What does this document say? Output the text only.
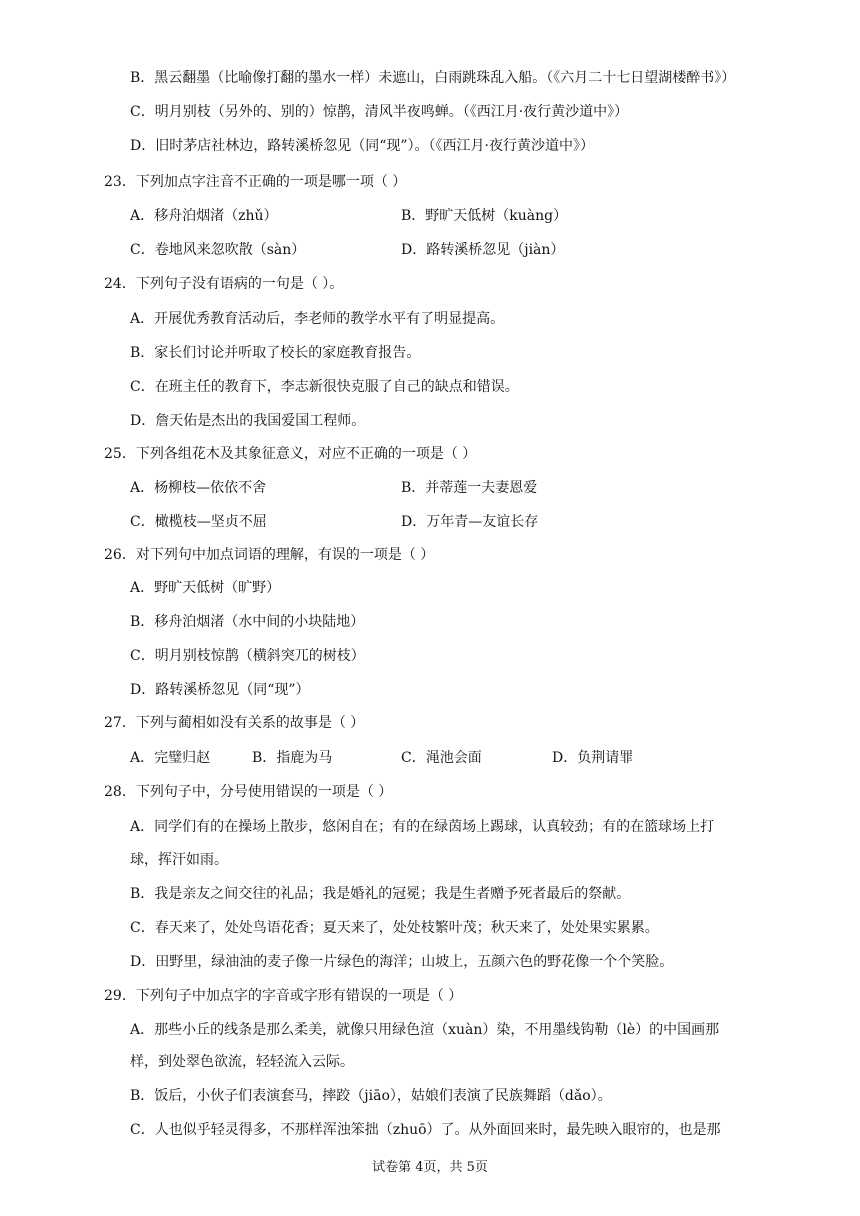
B．黑云翻墨（比喻像打翻的墨水一样）未遮山，白雨跳珠乱入船。（《六月二十七日望湖楼醉书》）
C．明月别枝（另外的、别的）惊鹊，清风半夜鸣蝉。（《西江月·夜行黄沙道中》）
D．旧时茅店社林边，路转溪桥忽见（同“现”）。（《西江月·夜行黄沙道中》）
23．下列加点字注音不正确的一项是哪一项（ ）
A．移舟泊烟渚（zhǔ）	B．野旷天低树（kuàng）
C．卷地风来忽吹散（sàn）	D．路转溪桥忽见（jiàn）
24．下列句子没有语病的一句是（ ）。
A．开展优秀教育活动后，李老师的教学水平有了明显提高。
B．家长们讨论并听取了校长的家庭教育报告。
C．在班主任的教育下，李志新很快克服了自己的缺点和错误。
D．詹天佑是杰出的我国爱国工程师。
25．下列各组花木及其象征意义，对应不正确的一项是（ ）
A．杨柳枝—依依不舍	B．并蒂莲一夫妻恩爱
C．橄榄枝—坚贞不屈	D．万年青—友谊长存
26．对下列句中加点词语的理解，有误的一项是（ ）
A．野旷天低树（旷野）
B．移舟泊烟渚（水中间的小块陆地）
C．明月别枝惊鹊（横斜突兀的树枝）
D．路转溪桥忽见（同“现”）
27．下列与蔺相如没有关系的故事是（ ）
A．完璧归赵	B．指鹿为马	C．渑池会面	D．负荆请罪
28．下列句子中，分号使用错误的一项是（ ）
A．同学们有的在操场上散步，悠闲自在；有的在绿茵场上踢球，认真较劲；有的在篮球场上打
球，挥汗如雨。
B．我是亲友之间交往的礼品；我是婚礼的冠冕；我是生者赠予死者最后的祭献。
C．春天来了，处处鸟语花香；夏天来了，处处枝繁叶茂；秋天来了，处处果实累累。
D．田野里，绿油油的麦子像一片绿色的海洋；山坡上，五颜六色的野花像一个个笑脸。
29．下列句子中加点字的字音或字形有错误的一项是（ ）
A．那些小丘的线条是那么柔美，就像只用绿色渲（xuàn）染，不用墨线钩勒（lè）的中国画那
样，到处翠色欲流，轻轻流入云际。
B．饭后，小伙子们表演套马，摔跤（jiāo），姑娘们表演了民族舞蹈（dǎo）。
C．人也似乎轻灵得多，不那样浑浊笨拙（zhuō）了。从外面回来时，最先映入眼帘的，也是那
试卷第 4页，共 5页
